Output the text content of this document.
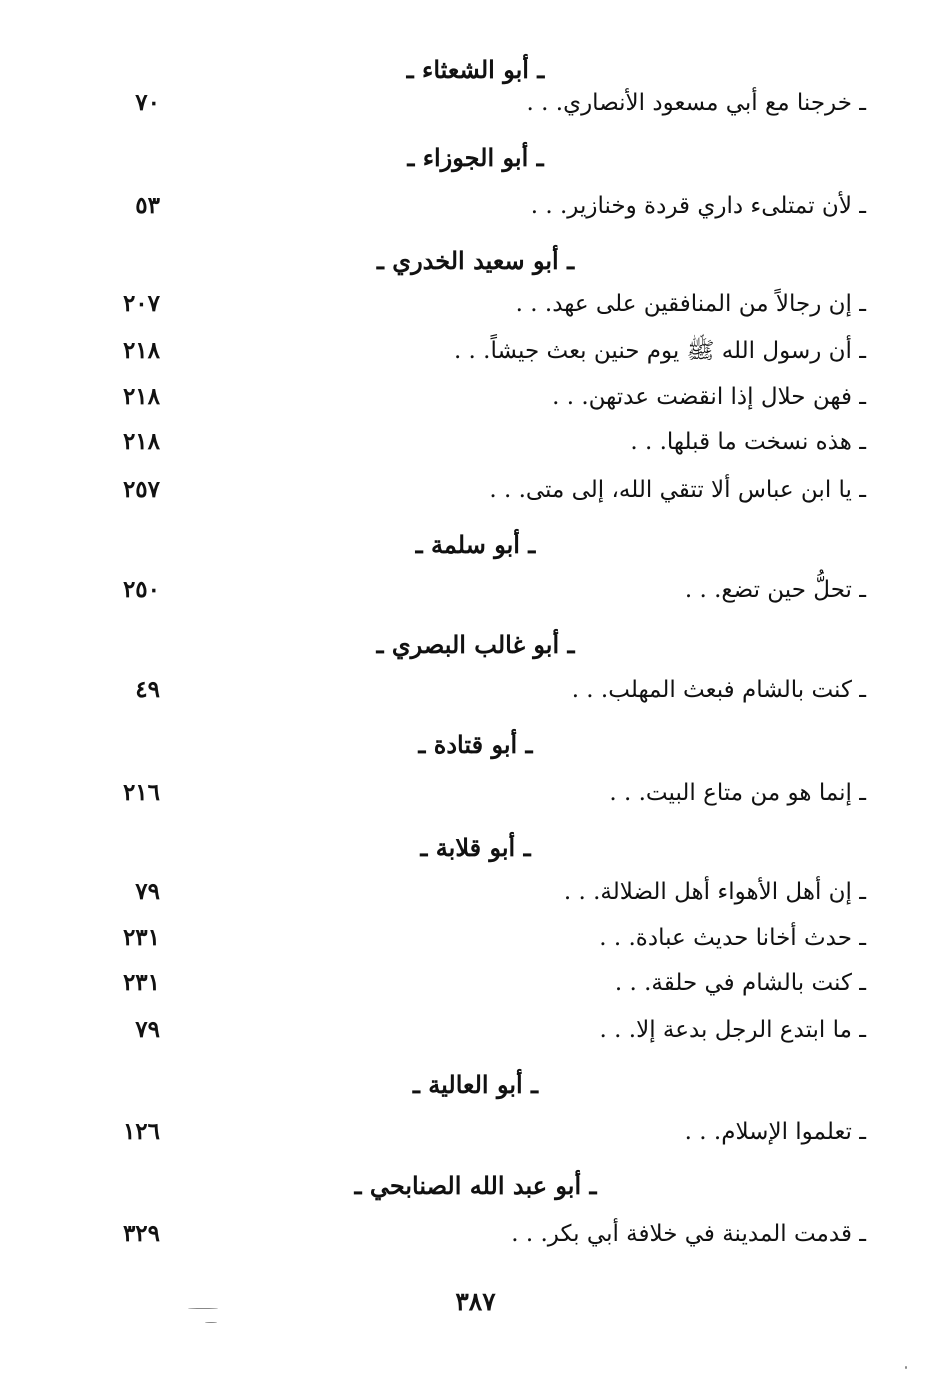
ـ أبو الشعثاء ـ
ـ خرجنا مع أبي مسعود الأنصاري. . .
٧٠
ـ أبو الجوزاء ـ
ـ لأن تمتلىء داري قردة وخنازير. . .
٥٣
ـ أبو سعيد الخدري ـ
ـ إن رجالاً من المنافقين على عهد. . .
٢٠٧
ـ أن رسول الله ﷺ يوم حنين بعث جيشاً. . .
٢١٨
ـ فهن حلال إذا انقضت عدتهن. . .
٢١٨
ـ هذه نسخت ما قبلها. . .
٢١٨
ـ يا ابن عباس ألا تتقي الله، إلى متى. . .
٢٥٧
ـ أبو سلمة ـ
ـ تحلُّ حين تضع. . .
٢٥٠
ـ أبو غالب البصري ـ
ـ كنت بالشام فبعث المهلب. . .
٤٩
ـ أبو قتادة ـ
ـ إنما هو من متاع البيت. . .
٢١٦
ـ أبو قلابة ـ
ـ إن أهل الأهواء أهل الضلالة. . .
٧٩
ـ حدث أخانا حديث عبادة. . .
٢٣١
ـ كنت بالشام في حلقة. . .
٢٣١
ـ ما ابتدع الرجل بدعة إلا. . .
٧٩
ـ أبو العالية ـ
ـ تعلموا الإسلام. . .
١٢٦
ـ أبو عبد الله الصنابحي ـ
ـ قدمت المدينة في خلافة أبي بكر. . .
٣٢٩
٣٨٧
